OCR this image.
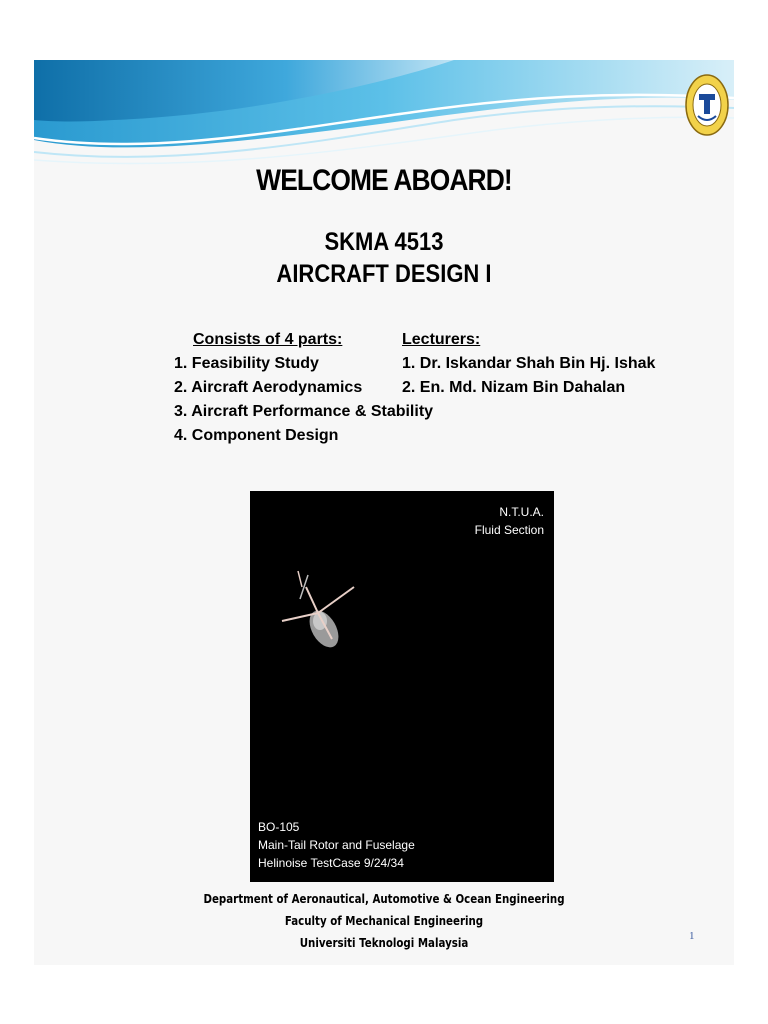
WELCOME ABOARD!
SKMA 4513
AIRCRAFT DESIGN I
Consists of 4 parts:
1. Feasibility Study
2. Aircraft Aerodynamics
3. Aircraft Performance & Stability
4. Component Design
Lecturers:
1. Dr. Iskandar Shah Bin Hj. Ishak
2. En. Md. Nizam Bin Dahalan
N.T.U.A.
Fluid Section
BO-105
Main-Tail Rotor and Fuselage
Helinoise TestCase 9/24/34
Department of Aeronautical, Automotive & Ocean Engineering
Faculty of Mechanical Engineering
Universiti Teknologi Malaysia	1
